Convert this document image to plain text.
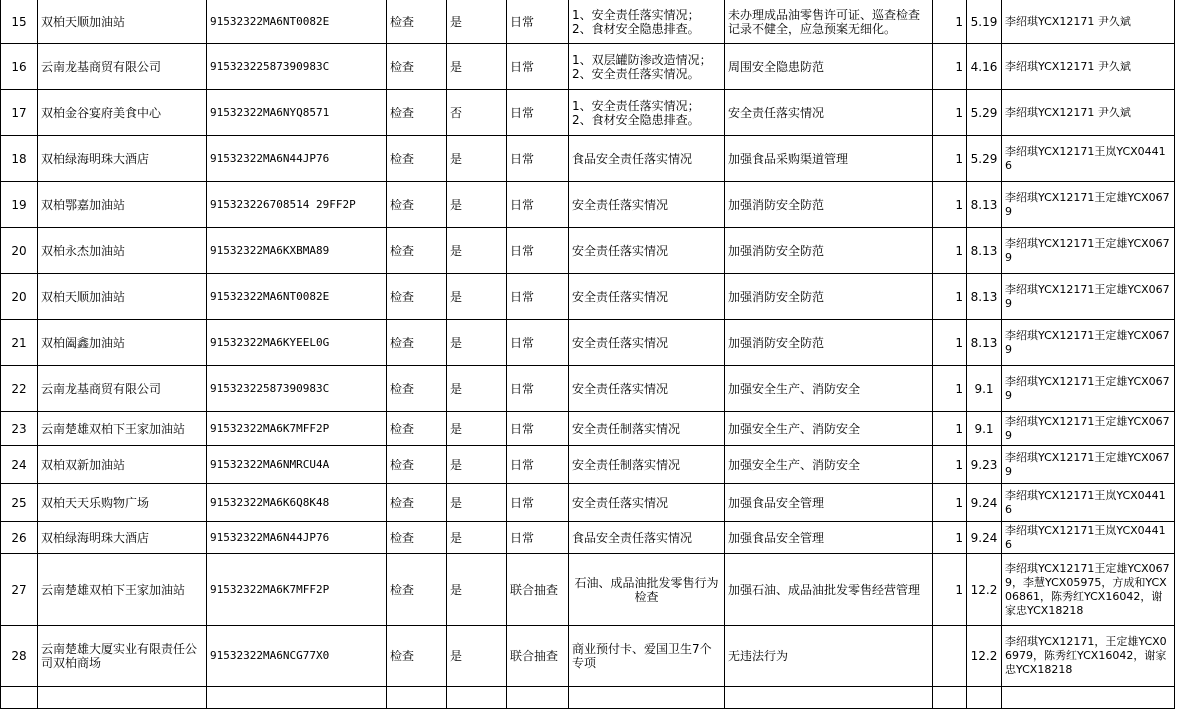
15	双柏天顺加油站	91532322MA6NT0082E	检查	是	日常	1、安全责任落实情况；
2、食材安全隐患排查。	未办理成品油零售许可证、巡查检查记录不健全，应急预案无细化。	1	5.19	李绍琪YCX12171 尹久斌
16	云南龙基商贸有限公司	91532322587390983C	检查	是	日常	1、双层罐防渗改造情况；
2、安全责任落实情况。	周围安全隐患防范	1	4.16	李绍琪YCX12171 尹久斌
17	双柏金谷宴府美食中心	91532322MA6NYQ8571	检查	否	日常	1、安全责任落实情况；
2、食材安全隐患排查。	安全责任落实情况	1	5.29	李绍琪YCX12171 尹久斌
18	双柏绿海明珠大酒店	91532322MA6N44JP76	检查	是	日常	食品安全责任落实情况	加强食品采购渠道管理	1	5.29	李绍琪YCX12171王岚YCX04416
19	双柏鄂嘉加油站	915323226708514 29FF2P	检查	是	日常	安全责任落实情况	加强消防安全防范	1	8.13	李绍琪YCX12171王定雄YCX0679
20	双柏永杰加油站	91532322MA6KXBMA89	检查	是	日常	安全责任落实情况	加强消防安全防范	1	8.13	李绍琪YCX12171王定雄YCX0679
20	双柏天顺加油站	91532322MA6NT0082E	检查	是	日常	安全责任落实情况	加强消防安全防范	1	8.13	李绍琪YCX12171王定雄YCX0679
21	双柏阖鑫加油站	91532322MA6KYEEL0G	检查	是	日常	安全责任落实情况	加强消防安全防范	1	8.13	李绍琪YCX12171王定雄YCX0679
22	云南龙基商贸有限公司	91532322587390983C	检查	是	日常	安全责任落实情况	加强安全生产、消防安全	1	9.1	李绍琪YCX12171王定雄YCX0679
23	云南楚雄双柏下王家加油站	91532322MA6K7MFF2P	检查	是	日常	安全责任制落实情况	加强安全生产、消防安全	1	9.1	李绍琪YCX12171王定雄YCX0679
24	双柏双新加油站	91532322MA6NMRCU4A	检查	是	日常	安全责任制落实情况	加强安全生产、消防安全	1	9.23	李绍琪YCX12171王定雄YCX0679
25	双柏天天乐购物广场	91532322MA6K6Q8K48	检查	是	日常	安全责任落实情况	加强食品安全管理	1	9.24	李绍琪YCX12171王岚YCX04416
26	双柏绿海明珠大酒店	91532322MA6N44JP76	检查	是	日常	食品安全责任落实情况	加强食品安全管理	1	9.24	李绍琪YCX12171王岚YCX04416
27	云南楚雄双柏下王家加油站	91532322MA6K7MFF2P	检查	是	联合抽查	石油、成品油批发零售行为检查	加强石油、成品油批发零售经营管理	1	12.2	李绍琪YCX12171王定雄YCX0679，李慧YCX05975，方成和YCX06861，陈秀红YCX16042，谢家忠YCX18218
28	云南楚雄大厦实业有限责任公司双柏商场	91532322MA6NCG77X0	检查	是	联合抽查	商业预付卡、爱国卫生7个专项	无违法行为		12.2	李绍琪YCX12171，王定雄YCX06979，陈秀红YCX16042，谢家忠YCX18218
